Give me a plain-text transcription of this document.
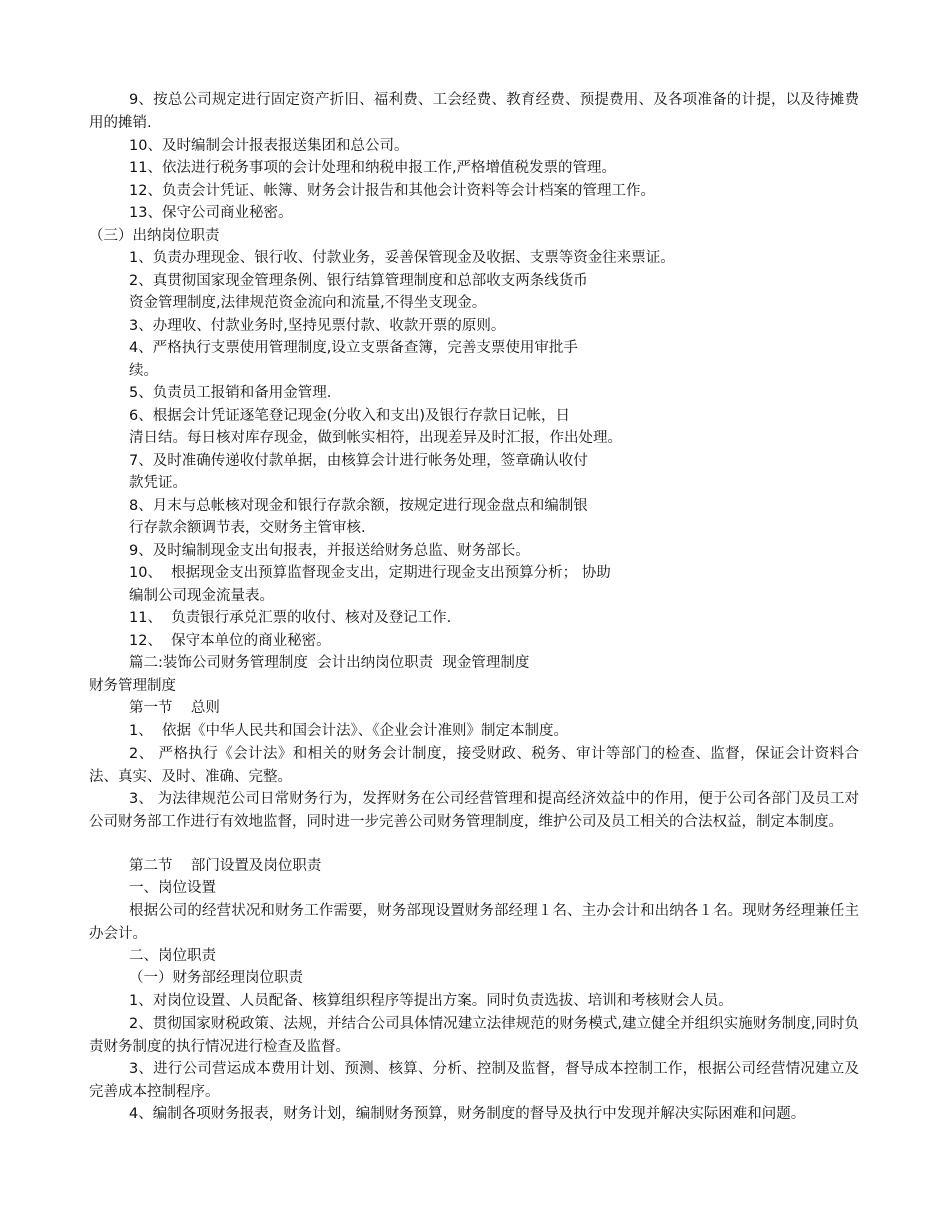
9、按总公司规定进行固定资产折旧、福利费、工会经费、教育经费、预提费用、及各项准备的计提，以及待摊费用的摊销.
10、及时编制会计报表报送集团和总公司。
11、依法进行税务事项的会计处理和纳税申报工作,严格增值税发票的管理。
12、负责会计凭证、帐簿、财务会计报告和其他会计资料等会计档案的管理工作。
13、保守公司商业秘密。
（三）出纳岗位职责
1、负责办理现金、银行收、付款业务，妥善保管现金及收据、支票等资金往来票证。
2、真贯彻国家现金管理条例、银行结算管理制度和总部收支两条线货币
资金管理制度,法律规范资金流向和流量,不得坐支现金。
3、办理收、付款业务时,坚持见票付款、收款开票的原则。
4、严格执行支票使用管理制度,设立支票备查簿，完善支票使用审批手
续。
5、负责员工报销和备用金管理.
6、根据会计凭证逐笔登记现金(分收入和支出)及银行存款日记帐，日
清日结。每日核对库存现金，做到帐实相符，出现差异及时汇报，作出处理。
7、及时准确传递收付款单据，由核算会计进行帐务处理，签章确认收付
款凭证。
8、月末与总帐核对现金和银行存款余额，按规定进行现金盘点和编制银
行存款余额调节表，交财务主管审核.
9、及时编制现金支出旬报表，并报送给财务总监、财务部长。
10、  根据现金支出预算监督现金支出，定期进行现金支出预算分析； 协助
编制公司现金流量表。
11、  负责银行承兑汇票的收付、核对及登记工作.
12、  保守本单位的商业秘密。
篇二:装饰公司财务管理制度  会计出纳岗位职责  现金管理制度
财务管理制度
第一节    总则
1、  依据《中华人民共和国会计法》、《企业会计准则》制定本制度。
2、 严格执行《会计法》和相关的财务会计制度，接受财政、税务、审计等部门的检查、监督，保证会计资料合法、真实、及时、准确、完整。
3、 为法律规范公司日常财务行为，发挥财务在公司经营管理和提高经济效益中的作用，便于公司各部门及员工对公司财务部工作进行有效地监督，同时进一步完善公司财务管理制度，维护公司及员工相关的合法权益，制定本制度。
第二节    部门设置及岗位职责
一、岗位设置
根据公司的经营状况和财务工作需要，财务部现设置财务部经理１名、主办会计和出纳各１名。现财务经理兼任主办会计。
二、岗位职责
（一）财务部经理岗位职责
1、对岗位设置、人员配备、核算组织程序等提出方案。同时负责选拔、培训和考核财会人员。
2、贯彻国家财税政策、法规，并结合公司具体情况建立法律规范的财务模式,建立健全并组织实施财务制度,同时负责财务制度的执行情况进行检查及监督。
3、进行公司营运成本费用计划、预测、核算、分析、控制及监督，督导成本控制工作，根据公司经营情况建立及完善成本控制程序。
4、编制各项财务报表，财务计划，编制财务预算，财务制度的督导及执行中发现并解决实际困难和问题。
